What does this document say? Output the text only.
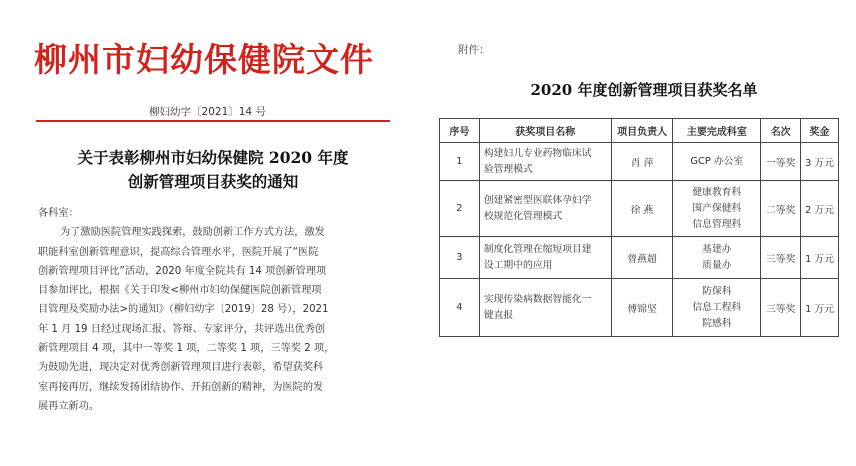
柳州市妇幼保健院文件
柳妇幼字〔2021〕14 号
关于表彰柳州市妇幼保健院 2020 年度
创新管理项目获奖的通知
各科室：
为了激励医院管理实践探索，鼓励创新工作方式方法，激发
职能科室创新管理意识，提高综合管理水平，医院开展了“医院
创新管理项目评比”活动，2020 年度全院共有 14 项创新管理项
目参加评比，根据《关于印发<柳州市妇幼保健医院创新管理项
目管理及奖励办法>的通知》（柳妇幼字〔2019〕28 号），2021
年 1 月 19 日经过现场汇报、答辩、专家评分，共评选出优秀创
新管理项目 4 项，其中一等奖 1 项，二等奖 1 项，三等奖 2 项，
为鼓励先进，现决定对优秀创新管理项目进行表彰，希望获奖科
室再接再厉，继续发扬团结协作、开拓创新的精神，为医院的发
展再立新功。
附件：
2020 年度创新管理项目获奖名单
序号	获奖项目名称	项目负责人	主要完成科室	名次	奖金
1	构建妇儿专业药物临床试
验管理模式	肖 萍	GCP 办公室	一等奖	3 万元
2	创建紧密型医联体孕妇学
校规范化管理模式	徐 燕	健康教育科
围产保健科
信息管理科	二等奖	2 万元
3	制度化管理在缩短项目建
设工期中的应用	曾燕超	基建办
质量办	三等奖	1 万元
4	实现传染病数据智能化一
键直报	傅锦坚	防保科
信息工程科
院感科	三等奖	1 万元
